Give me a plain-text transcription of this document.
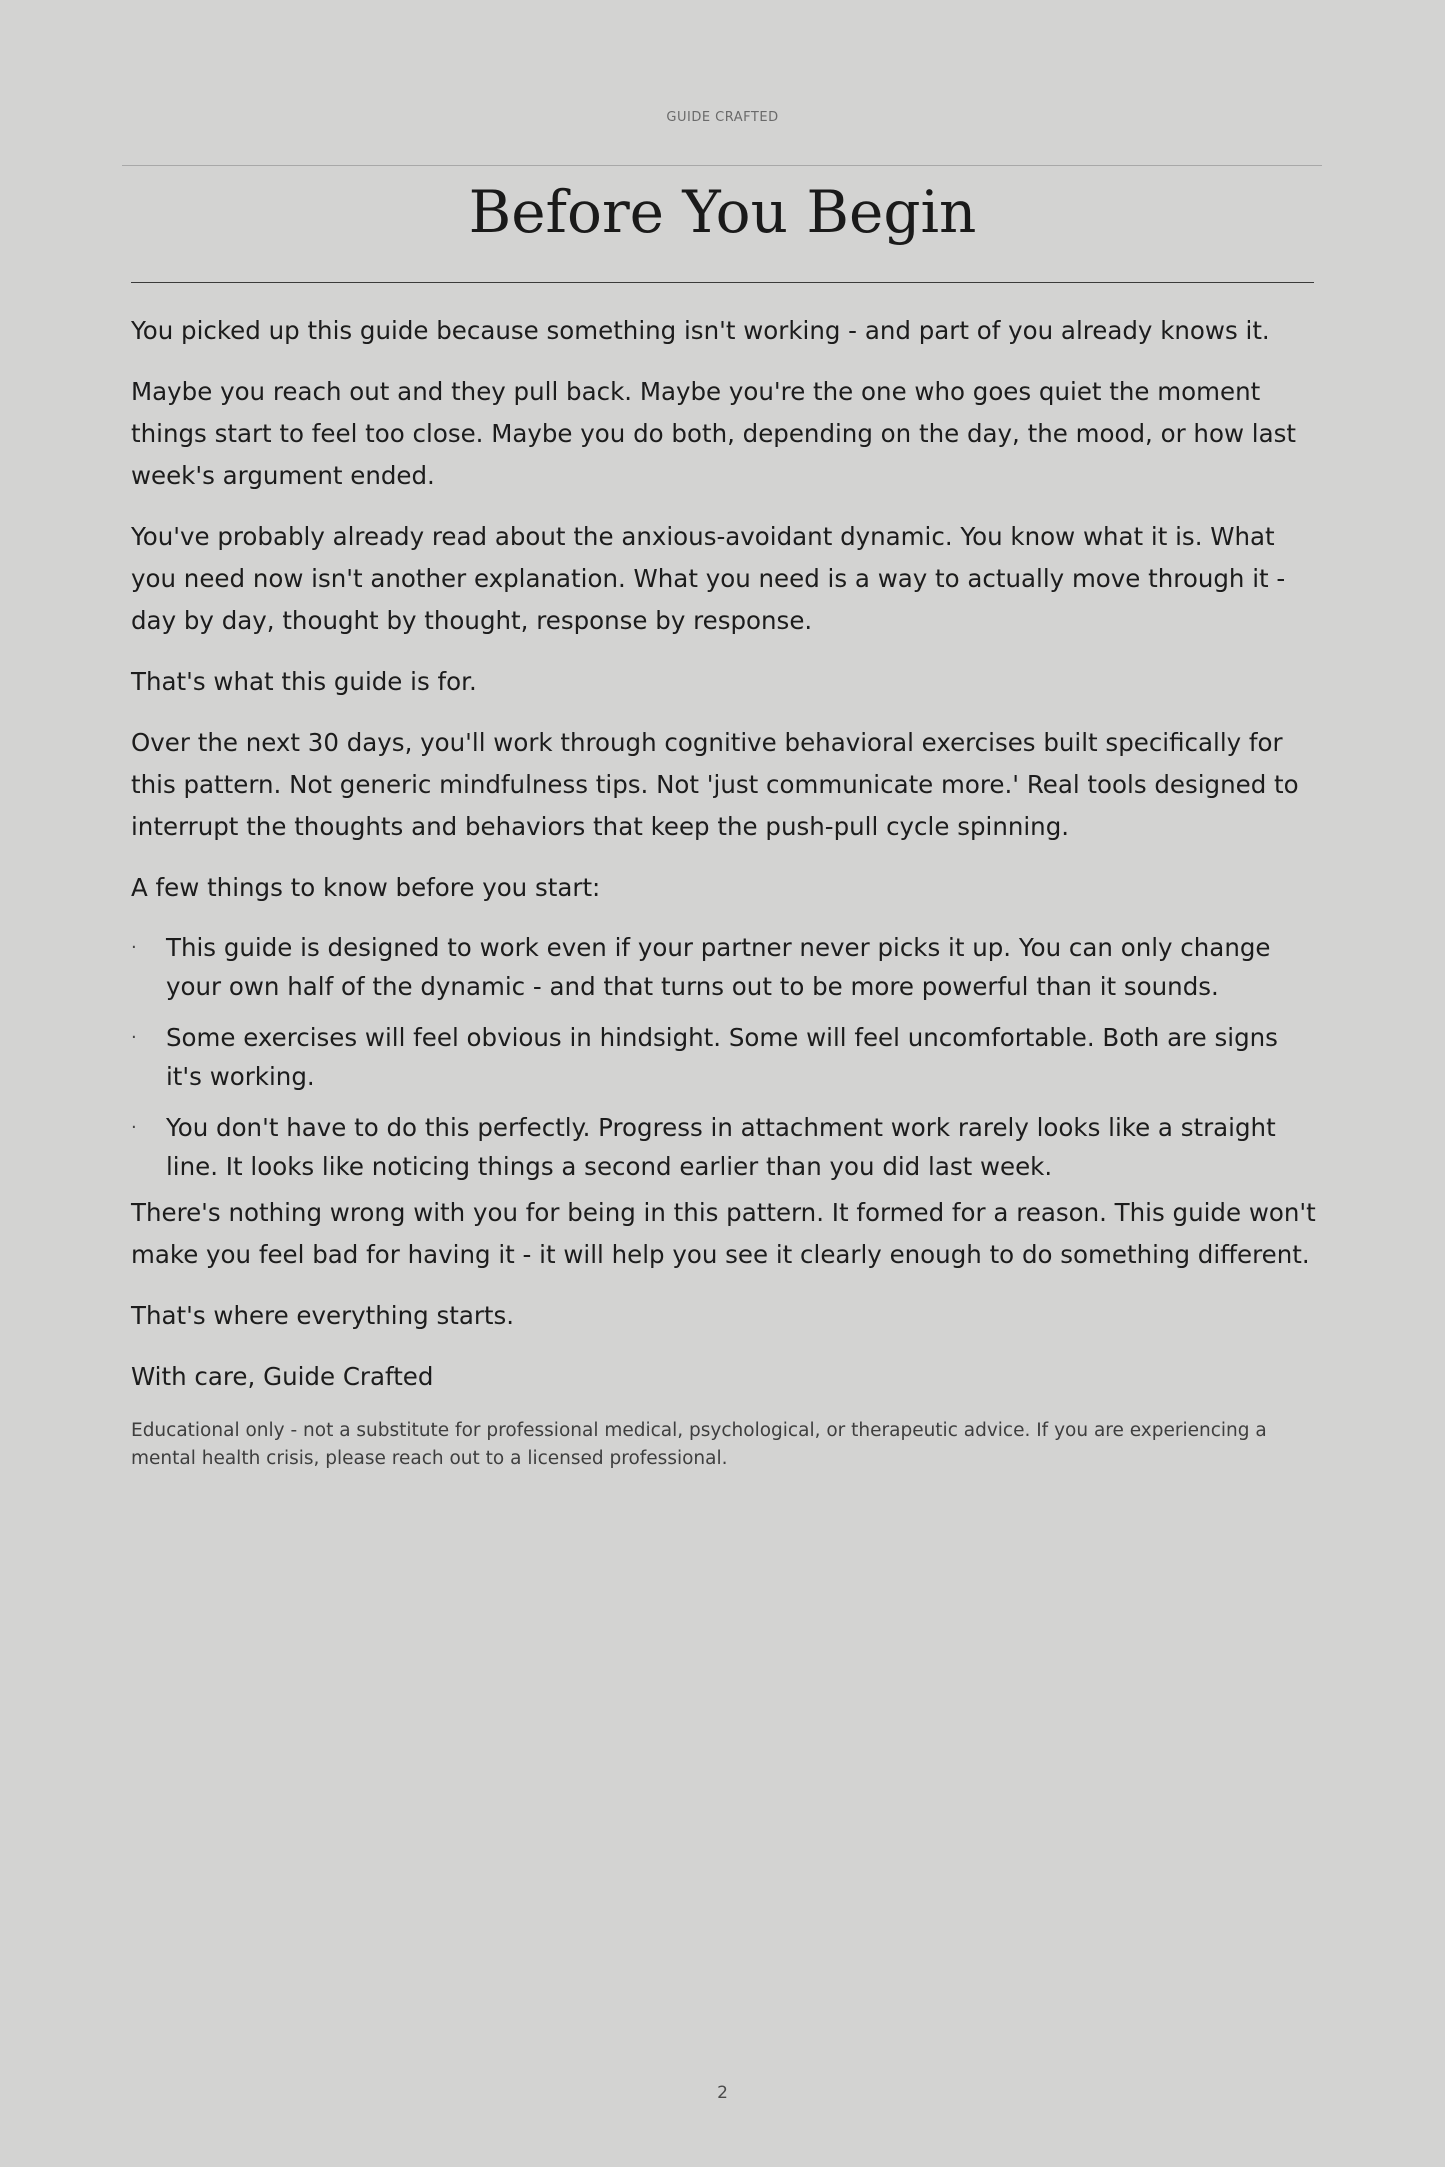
GUIDE CRAFTED
Before You Begin

You picked up this guide because something isn't working - and part of you already knows it.

Maybe you reach out and they pull back. Maybe you're the one who goes quiet the moment things start to feel too close. Maybe you do both, depending on the day, the mood, or how last week's argument ended.

You've probably already read about the anxious-avoidant dynamic. You know what it is. What you need now isn't another explanation. What you need is a way to actually move through it - day by day, thought by thought, response by response.

That's what this guide is for.

Over the next 30 days, you'll work through cognitive behavioral exercises built specifically for this pattern. Not generic mindfulness tips. Not 'just communicate more.' Real tools designed to interrupt the thoughts and behaviors that keep the push-pull cycle spinning.

A few things to know before you start:

· This guide is designed to work even if your partner never picks it up. You can only change your own half of the dynamic - and that turns out to be more powerful than it sounds.
· Some exercises will feel obvious in hindsight. Some will feel uncomfortable. Both are signs it's working.
· You don't have to do this perfectly. Progress in attachment work rarely looks like a straight line. It looks like noticing things a second earlier than you did last week.

There's nothing wrong with you for being in this pattern. It formed for a reason. This guide won't make you feel bad for having it - it will help you see it clearly enough to do something different.

That's where everything starts.

With care, Guide Crafted

Educational only - not a substitute for professional medical, psychological, or therapeutic advice. If you are experiencing a mental health crisis, please reach out to a licensed professional.

2
